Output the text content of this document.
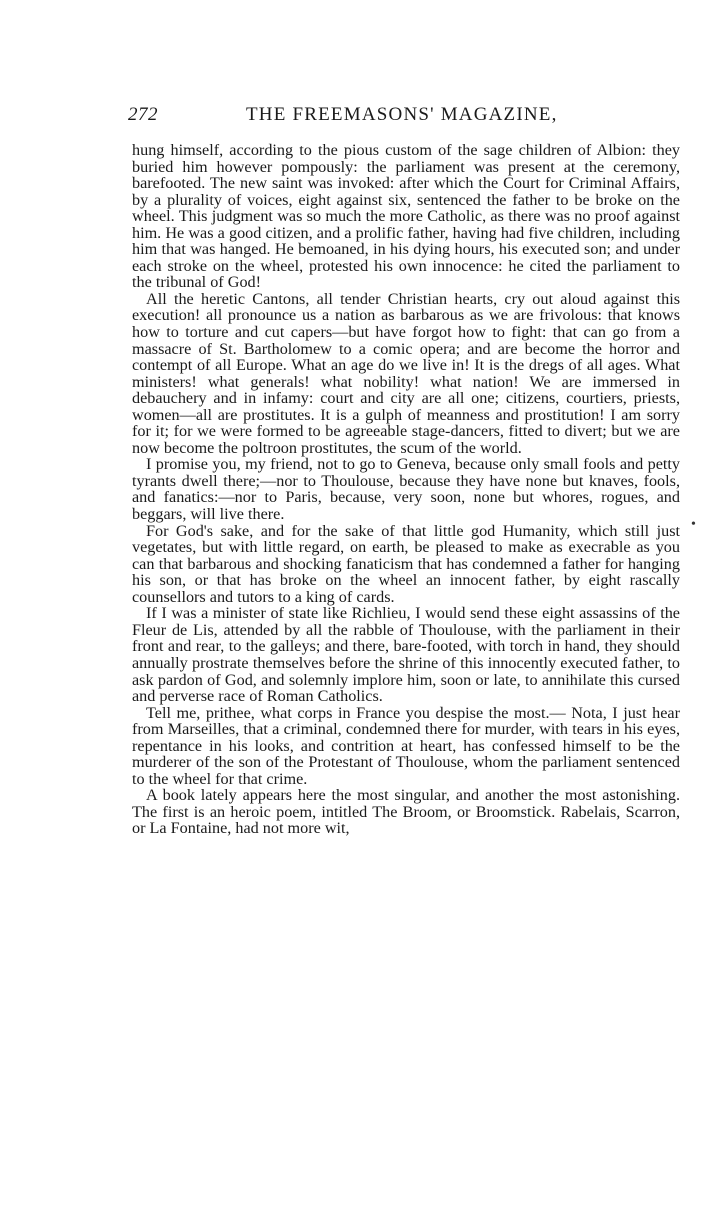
272	THE FREEMASONS' MAGAZINE,

hung himself, according to the pious custom of the sage children of Albion: they buried him however pompously: the parliament was present at the ceremony, barefooted. The new saint was invoked: after which the Court for Criminal Affairs, by a plurality of voices, eight against six, sentenced the father to be broke on the wheel. This judgment was so much the more Catholic, as there was no proof against him. He was a good citizen, and a prolific father, having had five children, including him that was hanged. He bemoaned, in his dying hours, his executed son; and under each stroke on the wheel, protested his own innocence: he cited the parliament to the tribunal of God!

All the heretic Cantons, all tender Christian hearts, cry out aloud against this execution! all pronounce us a nation as barbarous as we are frivolous: that knows how to torture and cut capers—but have forgot how to fight: that can go from a massacre of St. Bartholomew to a comic opera; and are become the horror and contempt of all Europe. What an age do we live in! It is the dregs of all ages. What ministers! what generals! what nobility! what nation! We are immersed in debauchery and in infamy: court and city are all one; citizens, courtiers, priests, women—all are prostitutes. It is a gulph of meanness and prostitution! I am sorry for it; for we were formed to be agreeable stage-dancers, fitted to divert; but we are now become the poltroon prostitutes, the scum of the world.

I promise you, my friend, not to go to Geneva, because only small fools and petty tyrants dwell there;—nor to Thoulouse, because they have none but knaves, fools, and fanatics:—nor to Paris, because, very soon, none but whores, rogues, and beggars, will live there.

For God's sake, and for the sake of that little god Humanity, which still just vegetates, but with little regard, on earth, be pleased to make as execrable as you can that barbarous and shocking fanaticism that has condemned a father for hanging his son, or that has broke on the wheel an innocent father, by eight rascally counsellors and tutors to a king of cards.

If I was a minister of state like Richlieu, I would send these eight assassins of the Fleur de Lis, attended by all the rabble of Thoulouse, with the parliament in their front and rear, to the galleys; and there, bare-footed, with torch in hand, they should annually prostrate themselves before the shrine of this innocently executed father, to ask pardon of God, and solemnly implore him, soon or late, to annihilate this cursed and perverse race of Roman Catholics.

Tell me, prithee, what corps in France you despise the most.— Nota, I just hear from Marseilles, that a criminal, condemned there for murder, with tears in his eyes, repentance in his looks, and contrition at heart, has confessed himself to be the murderer of the son of the Protestant of Thoulouse, whom the parliament sentenced to the wheel for that crime.

A book lately appears here the most singular, and another the most astonishing. The first is an heroic poem, intitled The Broom, or Broomstick. Rabelais, Scarron, or La Fontaine, had not more wit,

•
